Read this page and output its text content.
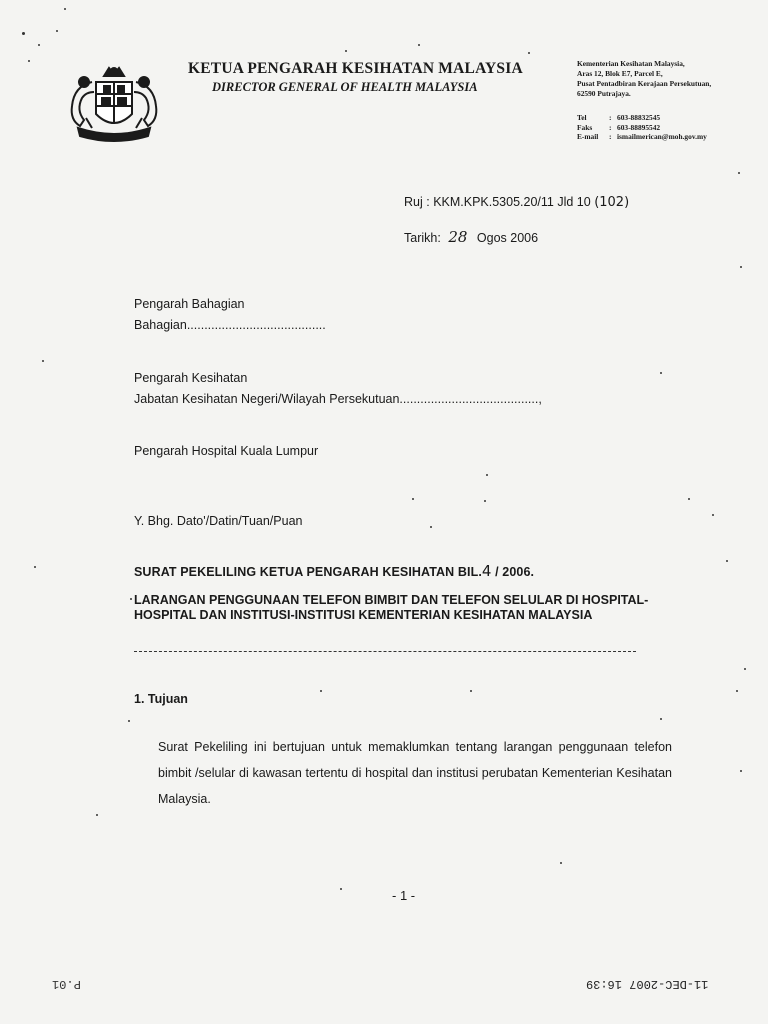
KETUA PENGARAH KESIHATAN MALAYSIA
DIRECTOR GENERAL OF HEALTH MALAYSIA
Kementerian Kesihatan Malaysia,
Aras 12, Blok E7, Parcel E,
Pusat Pentadbiran Kerajaan Persekutuan,
62590 Putrajaya.
Tel	: 603-88832545
Faks	: 603-88895542
E-mail	: ismailmerican@moh.gov.my
Ruj : KKM.KPK.5305.20/11 Jld 10 (102)
Tarikh: 28 Ogos 2006
Pengarah Bahagian
Bahagian........................................
Pengarah Kesihatan
Jabatan Kesihatan Negeri/Wilayah Persekutuan........................................,
Pengarah Hospital Kuala Lumpur
Y. Bhg. Dato'/Datin/Tuan/Puan
SURAT PEKELILING KETUA PENGARAH KESIHATAN BIL.4 / 2006.
LARANGAN PENGGUNAAN TELEFON BIMBIT DAN TELEFON SELULAR DI HOSPITAL- HOSPITAL DAN INSTITUSI-INSTITUSI KEMENTERIAN KESIHATAN MALAYSIA
1. Tujuan
Surat Pekeliling ini bertujuan untuk memaklumkan tentang larangan penggunaan telefon bimbit /selular di kawasan tertentu di hospital dan institusi perubatan Kementerian Kesihatan Malaysia.
- 1 -
P.01	11-DEC-2007 16:39
